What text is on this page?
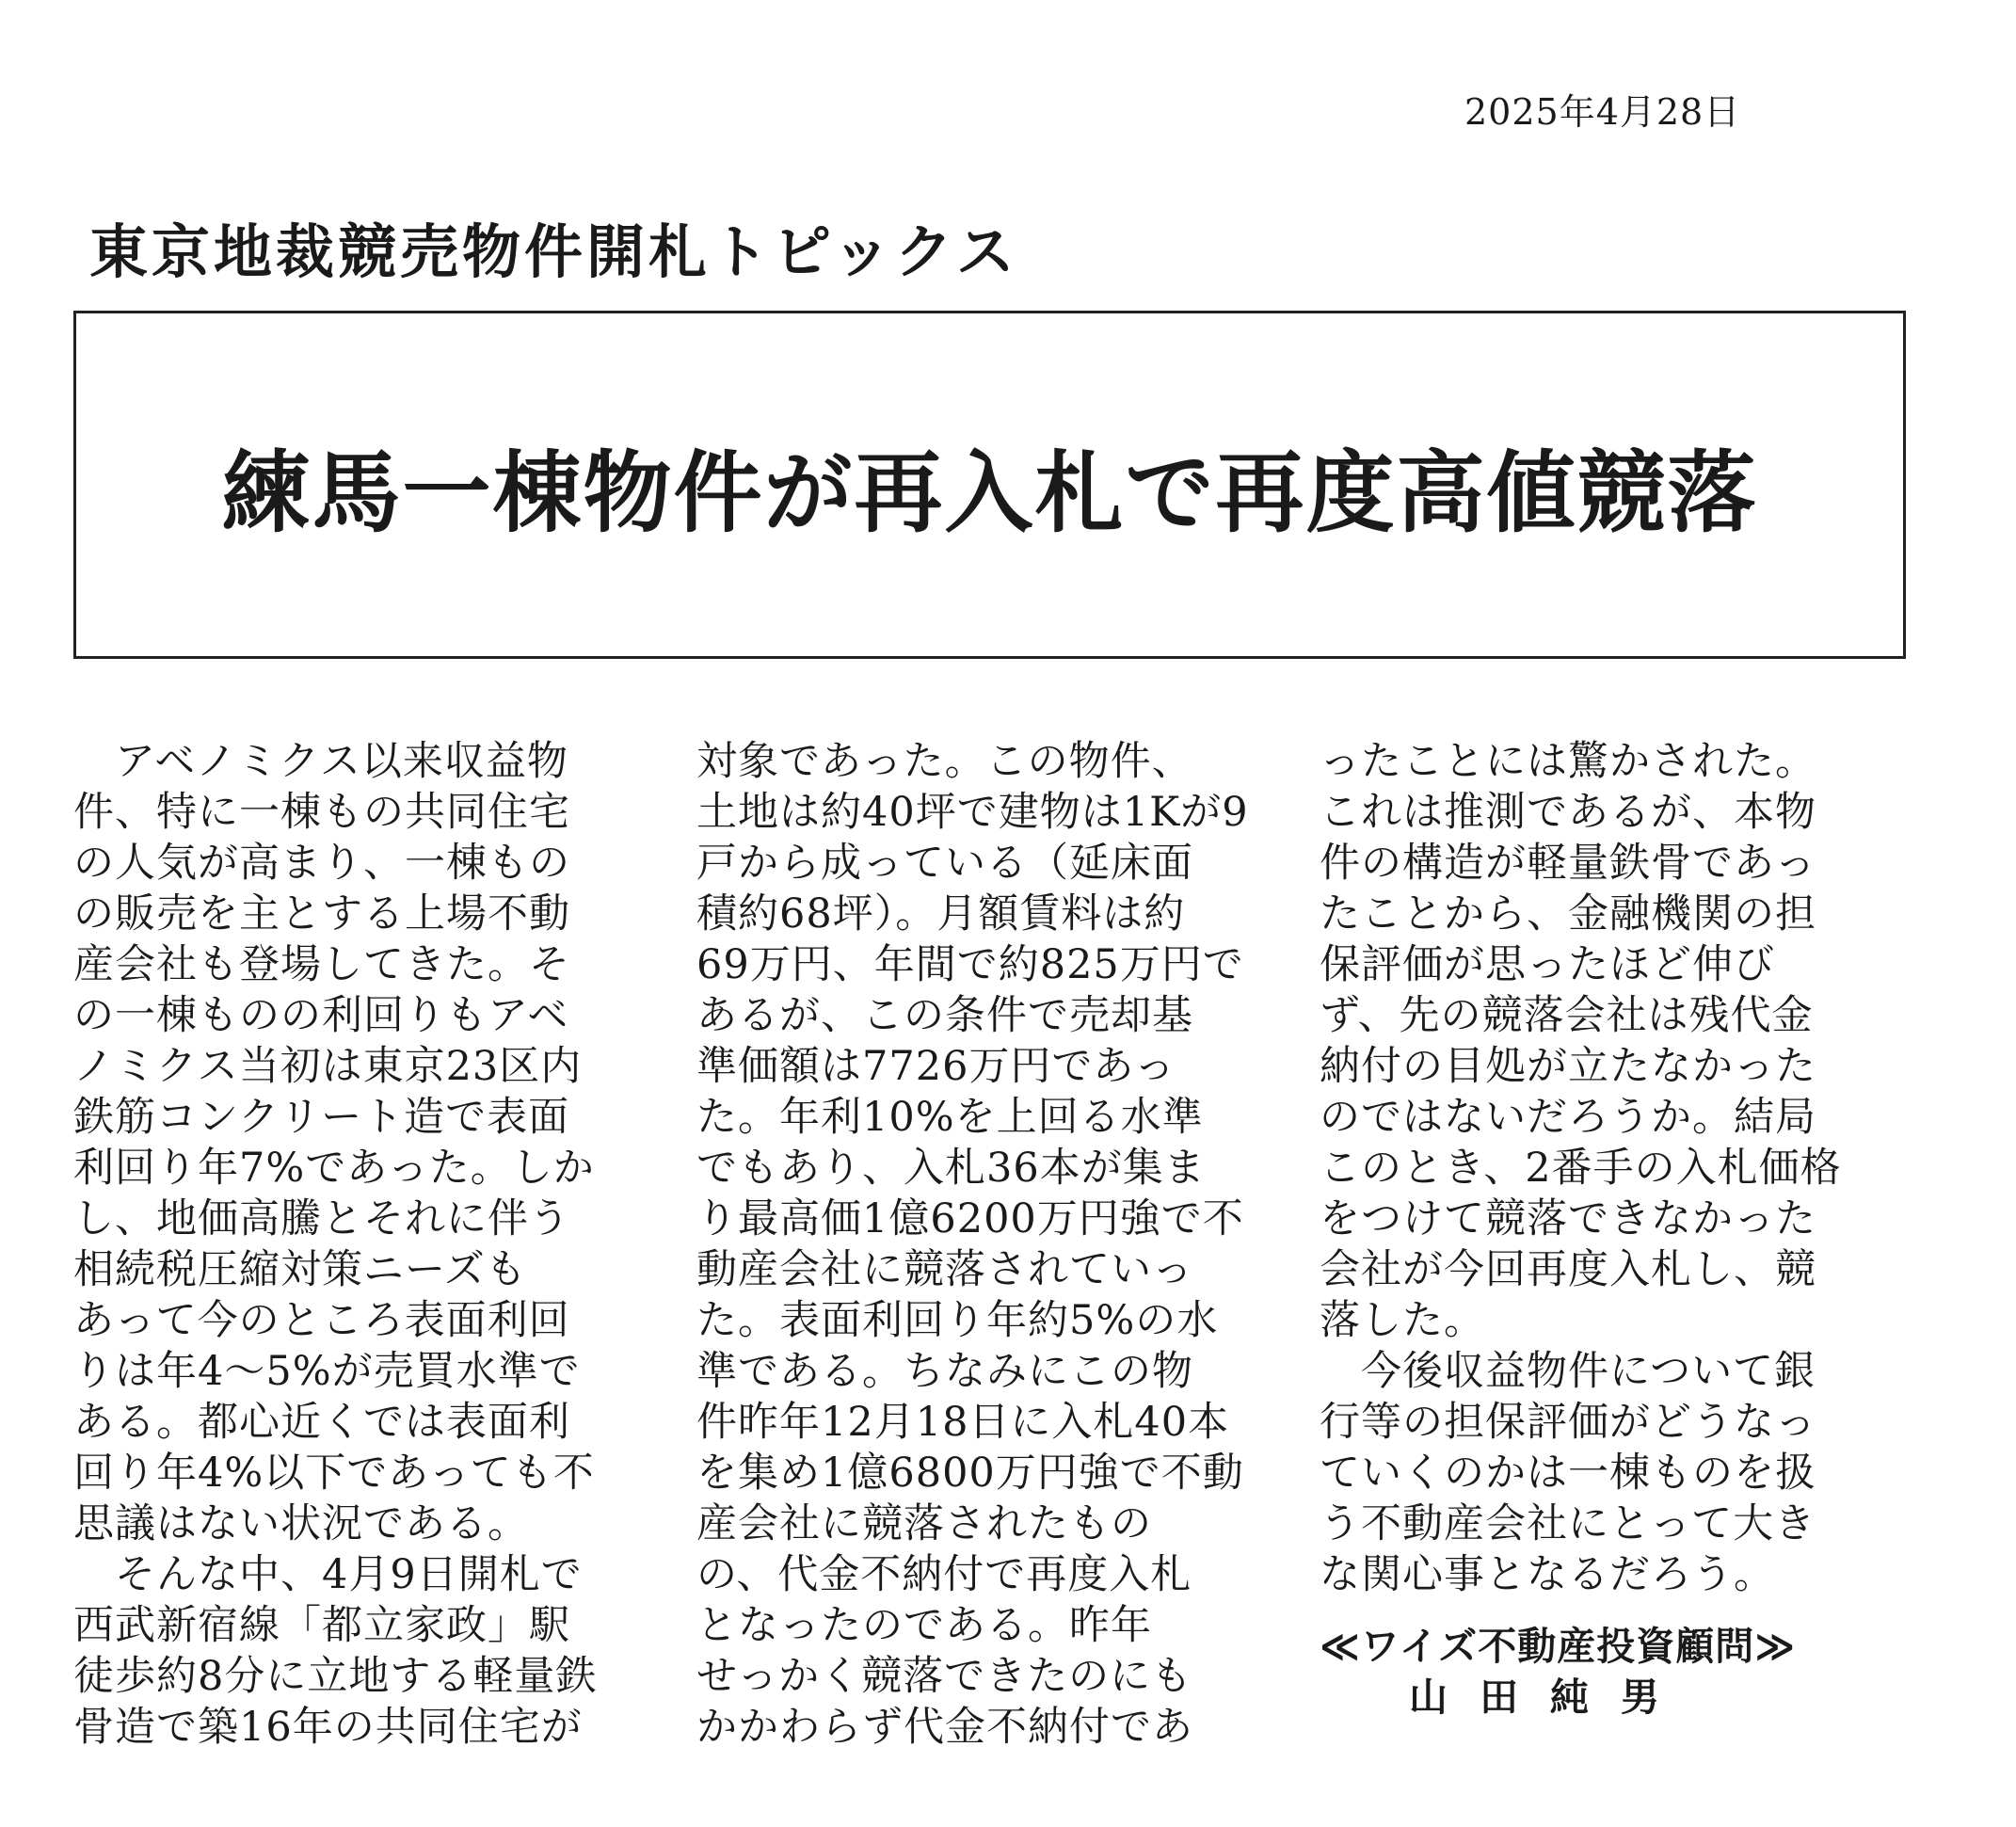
2025年4月28日
東京地裁競売物件開札トピックス
練馬一棟物件が再入札で再度高値競落
　アベノミクス以来収益物
件、特に一棟もの共同住宅
の人気が高まり、一棟もの
の販売を主とする上場不動
産会社も登場してきた。そ
の一棟ものの利回りもアベ
ノミクス当初は東京23区内
鉄筋コンクリート造で表面
利回り年7%であった。しか
し、地価高騰とそれに伴う
相続税圧縮対策ニーズも
あって今のところ表面利回
りは年4～5%が売買水準で
ある。都心近くでは表面利
回り年4%以下であっても不
思議はない状況である。
　そんな中、4月9日開札で
西武新宿線「都立家政」駅
徒歩約8分に立地する軽量鉄
骨造で築16年の共同住宅が
対象であった。この物件、
土地は約40坪で建物は1Kが9
戸から成っている（延床面
積約68坪）。月額賃料は約
69万円、年間で約825万円で
あるが、この条件で売却基
準価額は7726万円であっ
た。年利10%を上回る水準
でもあり、入札36本が集ま
り最高価1億6200万円強で不
動産会社に競落されていっ
た。表面利回り年約5%の水
準である。ちなみにこの物
件昨年12月18日に入札40本
を集め1億6800万円強で不動
産会社に競落されたもの
の、代金不納付で再度入札
となったのである。昨年
せっかく競落できたのにも
かかわらず代金不納付であ
ったことには驚かされた。
これは推測であるが、本物
件の構造が軽量鉄骨であっ
たことから、金融機関の担
保評価が思ったほど伸び
ず、先の競落会社は残代金
納付の目処が立たなかった
のではないだろうか。結局
このとき、2番手の入札価格
をつけて競落できなかった
会社が今回再度入札し、競
落した。
　今後収益物件について銀
行等の担保評価がどうなっ
ていくのかは一棟ものを扱
う不動産会社にとって大き
な関心事となるだろう。
≪ワイズ不動産投資顧問≫
山田純男
